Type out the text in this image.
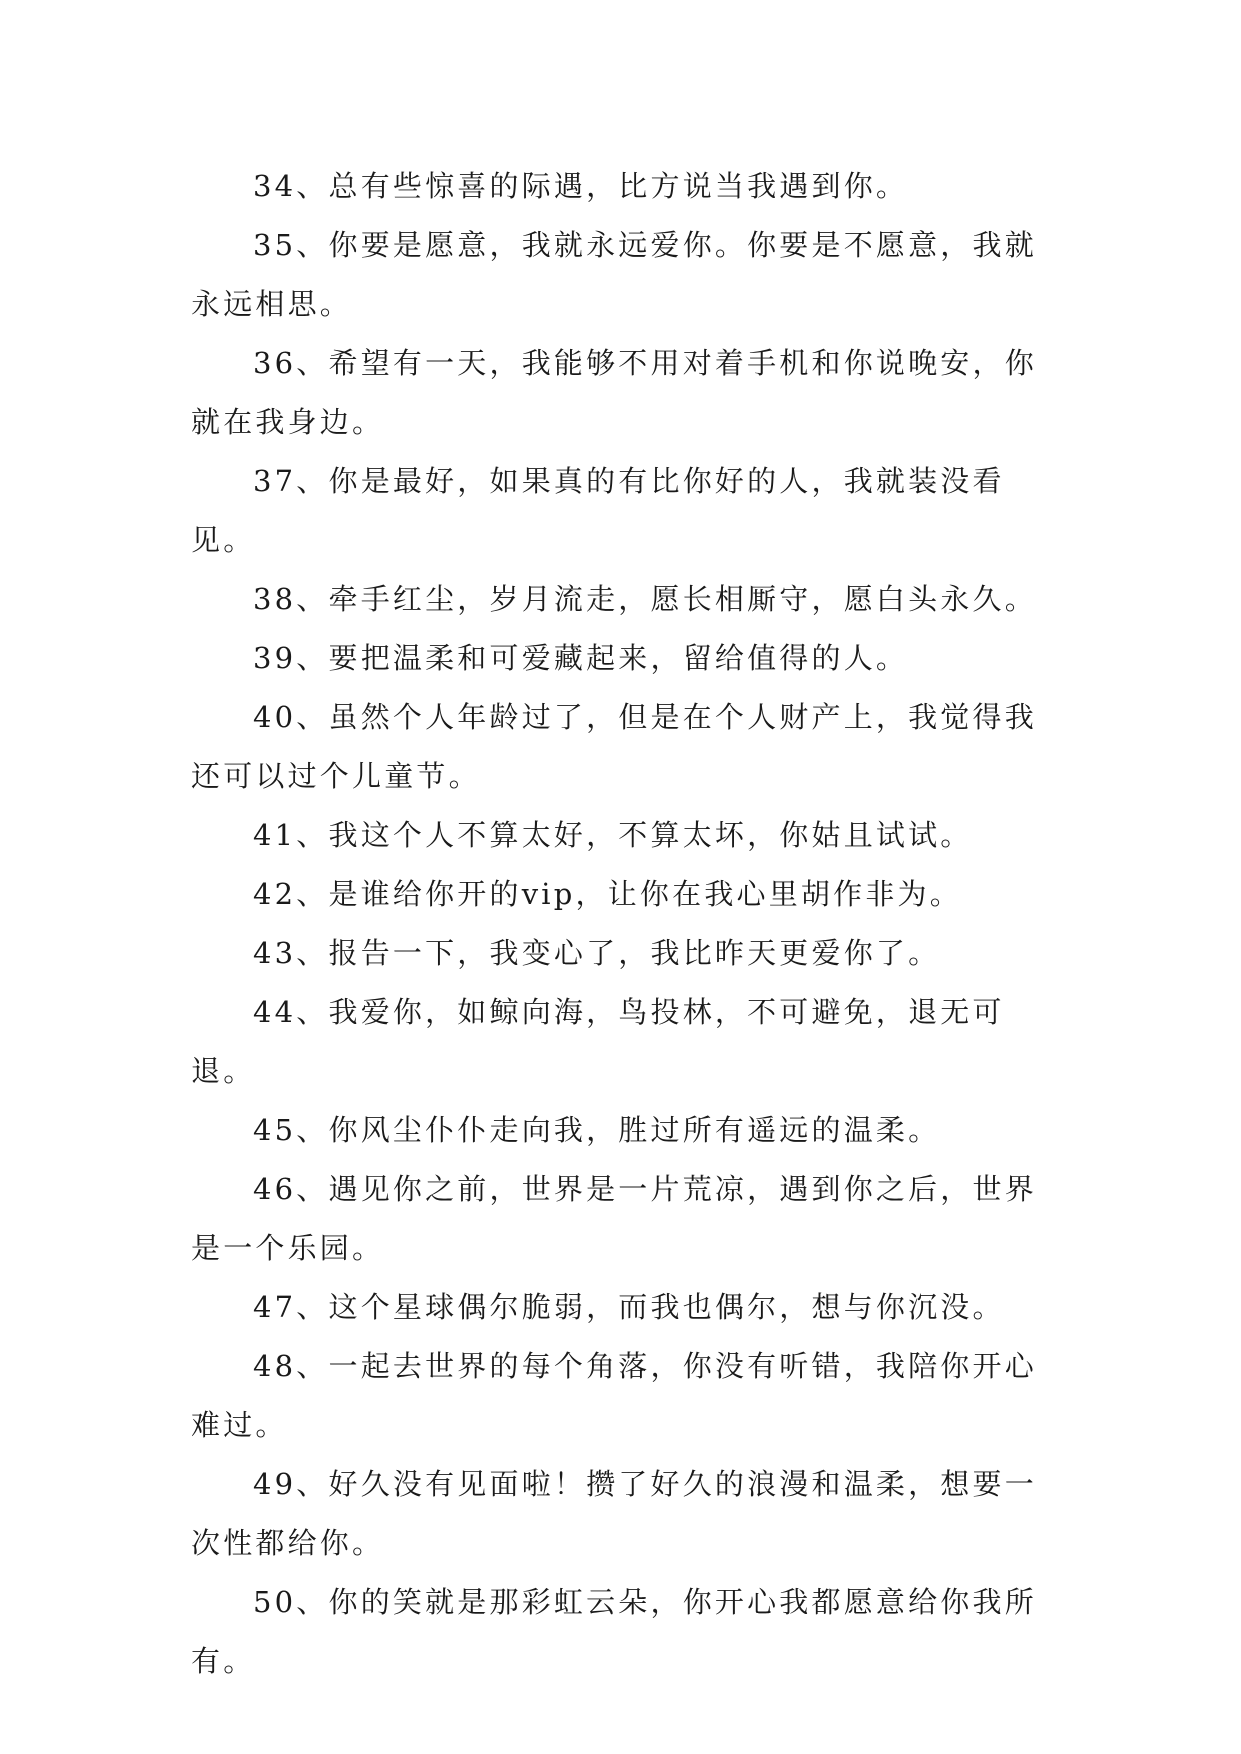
34、总有些惊喜的际遇，比方说当我遇到你。

35、你要是愿意，我就永远爱你。你要是不愿意，我就永远相思。

36、希望有一天，我能够不用对着手机和你说晚安，你就在我身边。

37、你是最好，如果真的有比你好的人，我就装没看见。

38、牵手红尘，岁月流走，愿长相厮守，愿白头永久。

39、要把温柔和可爱藏起来，留给值得的人。

40、虽然个人年龄过了，但是在个人财产上，我觉得我还可以过个儿童节。

41、我这个人不算太好，不算太坏，你姑且试试。

42、是谁给你开的vip，让你在我心里胡作非为。

43、报告一下，我变心了，我比昨天更爱你了。

44、我爱你，如鲸向海，鸟投林，不可避免，退无可退。

45、你风尘仆仆走向我，胜过所有遥远的温柔。

46、遇见你之前，世界是一片荒凉，遇到你之后，世界是一个乐园。

47、这个星球偶尔脆弱，而我也偶尔，想与你沉没。

48、一起去世界的每个角落，你没有听错，我陪你开心难过。

49、好久没有见面啦！攒了好久的浪漫和温柔，想要一次性都给你。

50、你的笑就是那彩虹云朵，你开心我都愿意给你我所有。
